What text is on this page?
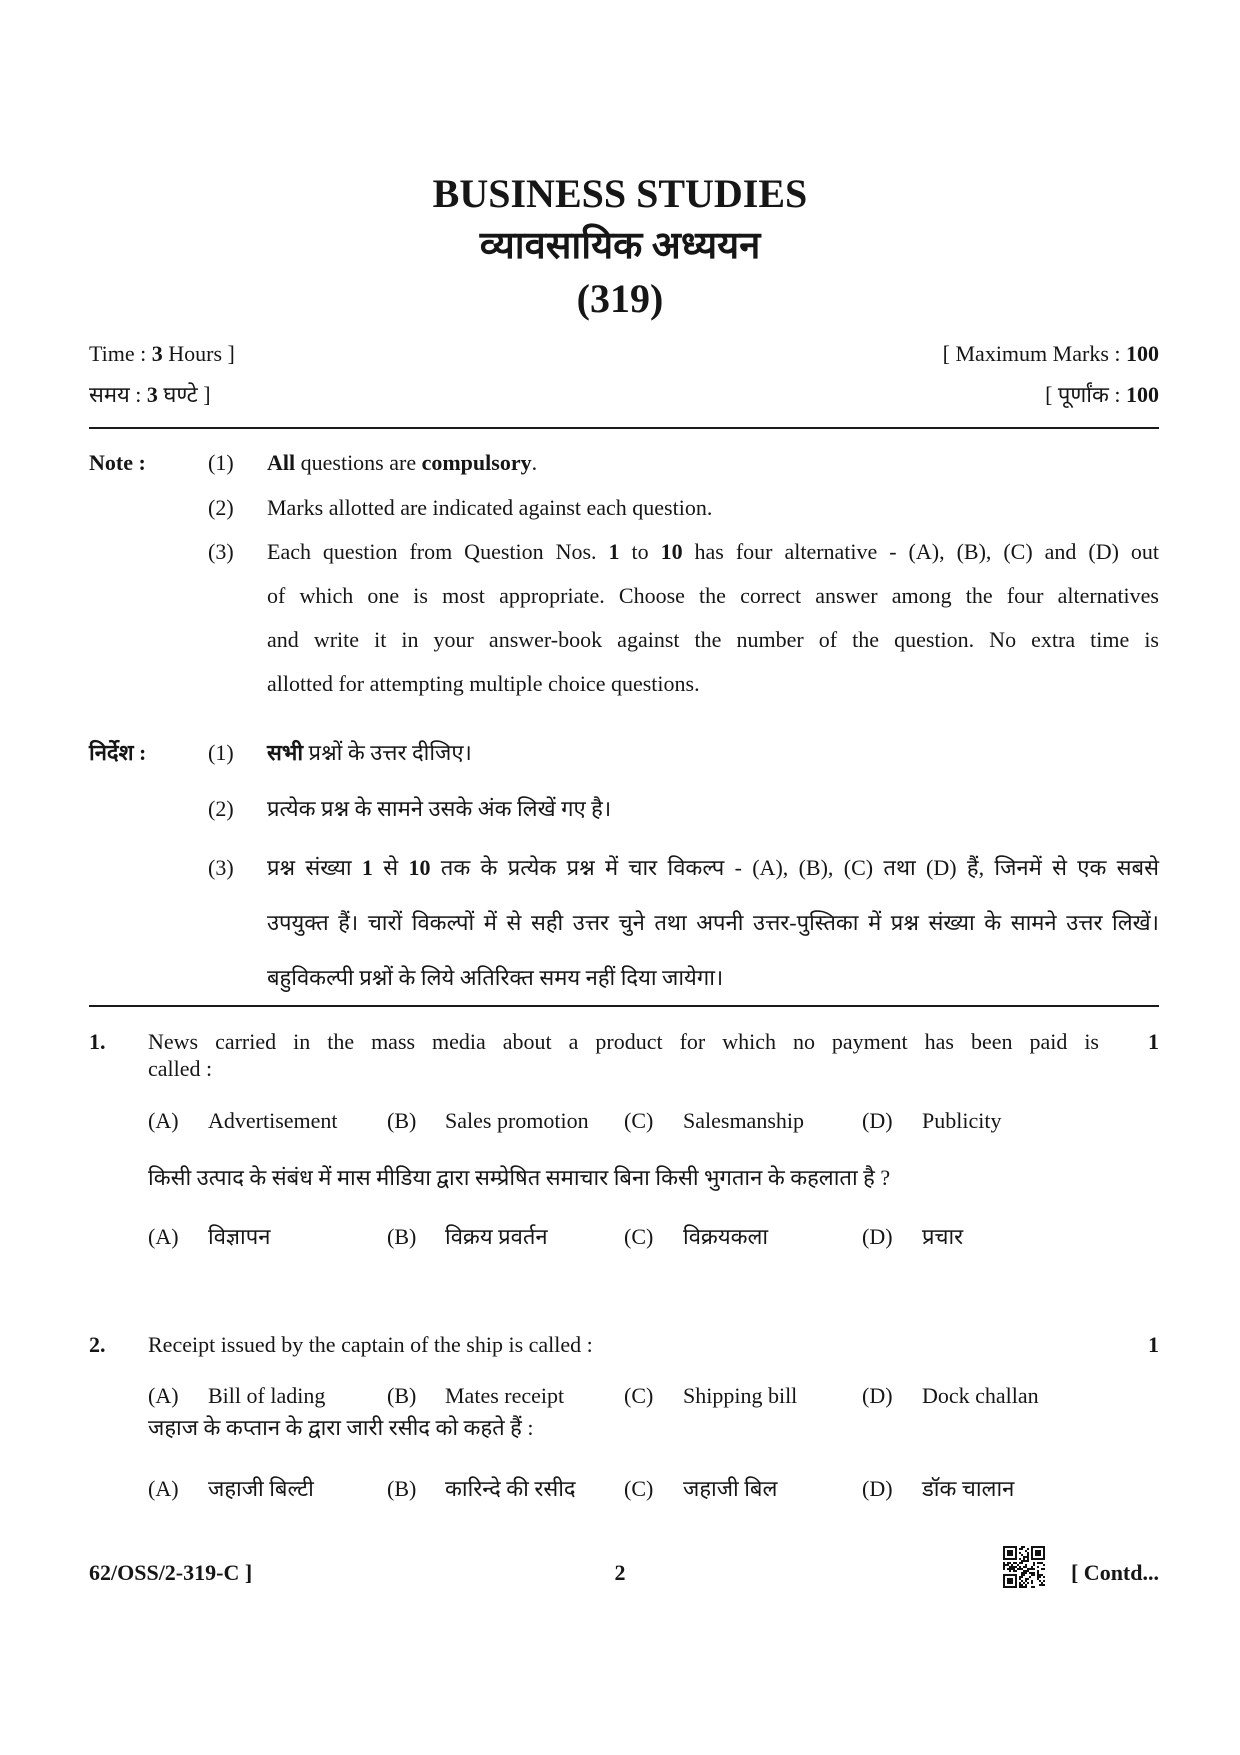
BUSINESS STUDIES
व्यावसायिक अध्ययन
(319)
Time : 3 Hours ]	[ Maximum Marks : 100
समय : 3 घण्टे ]	[ पूर्णांक : 100
Note :	(1) All questions are compulsory.
(2) Marks allotted are indicated against each question.
(3) Each question from Question Nos. 1 to 10 has four alternative - (A), (B), (C) and (D) out
of which one is most appropriate. Choose the correct answer among the four alternatives
and write it in your answer-book against the number of the question. No extra time is
allotted for attempting multiple choice questions.
निर्देश :	(1) सभी प्रश्नों के उत्तर दीजिए।
(2) प्रत्येक प्रश्न के सामने उसके अंक लिखें गए है।
(3) प्रश्न संख्या 1 से 10 तक के प्रत्येक प्रश्न में चार विकल्प - (A), (B), (C) तथा (D) हैं, जिनमें से एक सबसे
उपयुक्त हैं। चारों विकल्पों में से सही उत्तर चुने तथा अपनी उत्तर-पुस्तिका में प्रश्न संख्या के सामने उत्तर लिखें।
बहुविकल्पी प्रश्नों के लिये अतिरिक्त समय नहीं दिया जायेगा।
1. News carried in the mass media about a product for which no payment has been paid is
called :
1
(A) Advertisement (B) Sales promotion (C) Salesmanship	(D) Publicity
किसी उत्पाद के संबंध में मास मीडिया द्वारा सम्प्रेषित समाचार बिना किसी भुगतान के कहलाता है ?
(A) विज्ञापन	(B) विक्रय प्रवर्तन	(C) विक्रयकला	(D) प्रचार
2. Receipt issued by the captain of the ship is called :	1
(A) Bill of lading	(B) Mates receipt	(C) Shipping bill	(D) Dock challan
जहाज के कप्तान के द्वारा जारी रसीद को कहते हैं :
(A) जहाजी बिल्टी	(B) कारिन्दे की रसीद (C) जहाजी बिल	(D) डॉक चालान
62/OSS/2-319-C ]	2	[ Contd...
